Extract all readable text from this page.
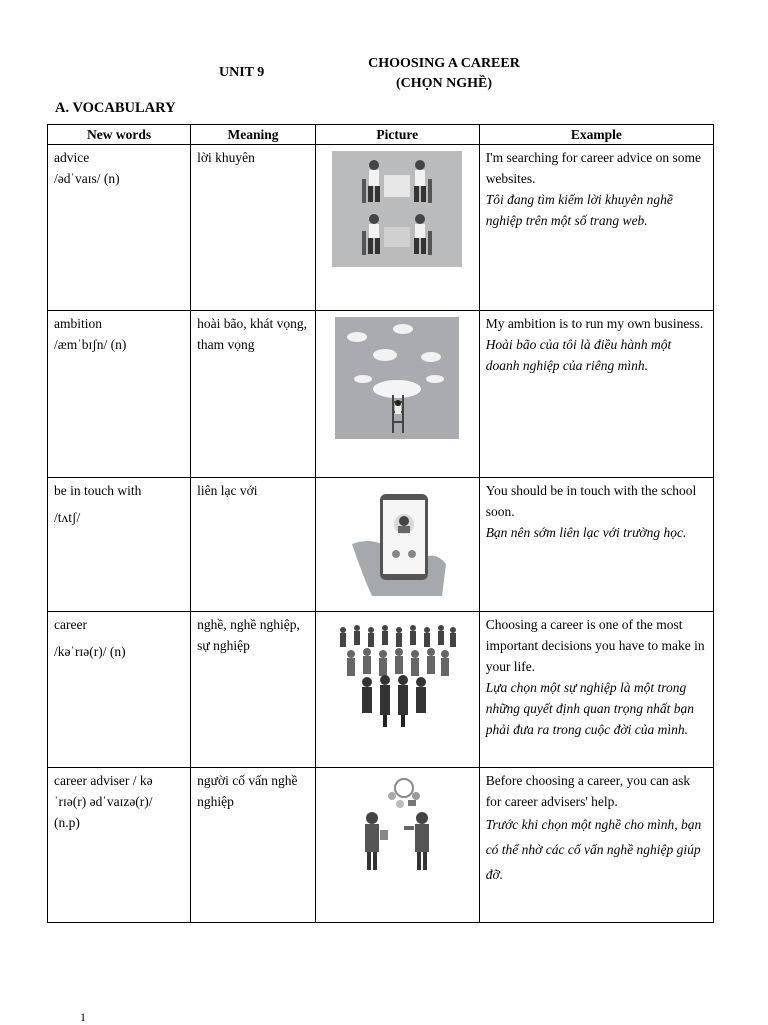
UNIT 9
CHOOSING A CAREER
(CHỌN NGHỀ)
A. VOCABULARY
New words	Meaning	Picture	Example

advice
/ədˈvaɪs/ (n)	lời khuyên		I'm searching for career advice on some websites.
Tôi đang tìm kiếm lời khuyên nghề nghiệp trên một số trang web.

ambition
/æmˈbɪʃn/ (n)	hoài bão, khát vọng, tham vọng		My ambition is to run my own business.
Hoài bão của tôi là điều hành một doanh nghiệp của riêng mình.

be in touch with
/tʌtʃ/	liên lạc với		You should be in touch with the school soon.
Bạn nên sớm liên lạc với trường học.

career
/kəˈrɪə(r)/ (n)	nghề, nghề nghiệp, sự nghiệp		Choosing a career is one of the most important decisions you have to make in your life.
Lựa chọn một sự nghiệp là một trong những quyết định quan trọng nhất bạn phải đưa ra trong cuộc đời của mình.

career adviser / kə ˈrɪə(r) ədˈvaɪzə(r)/
(n.p)	người cố vấn nghề nghiệp		Before choosing a career, you can ask for career advisers' help.
Trước khi chọn một nghề cho mình, bạn có thể nhờ các cố vấn nghề nghiệp giúp đỡ.
1
